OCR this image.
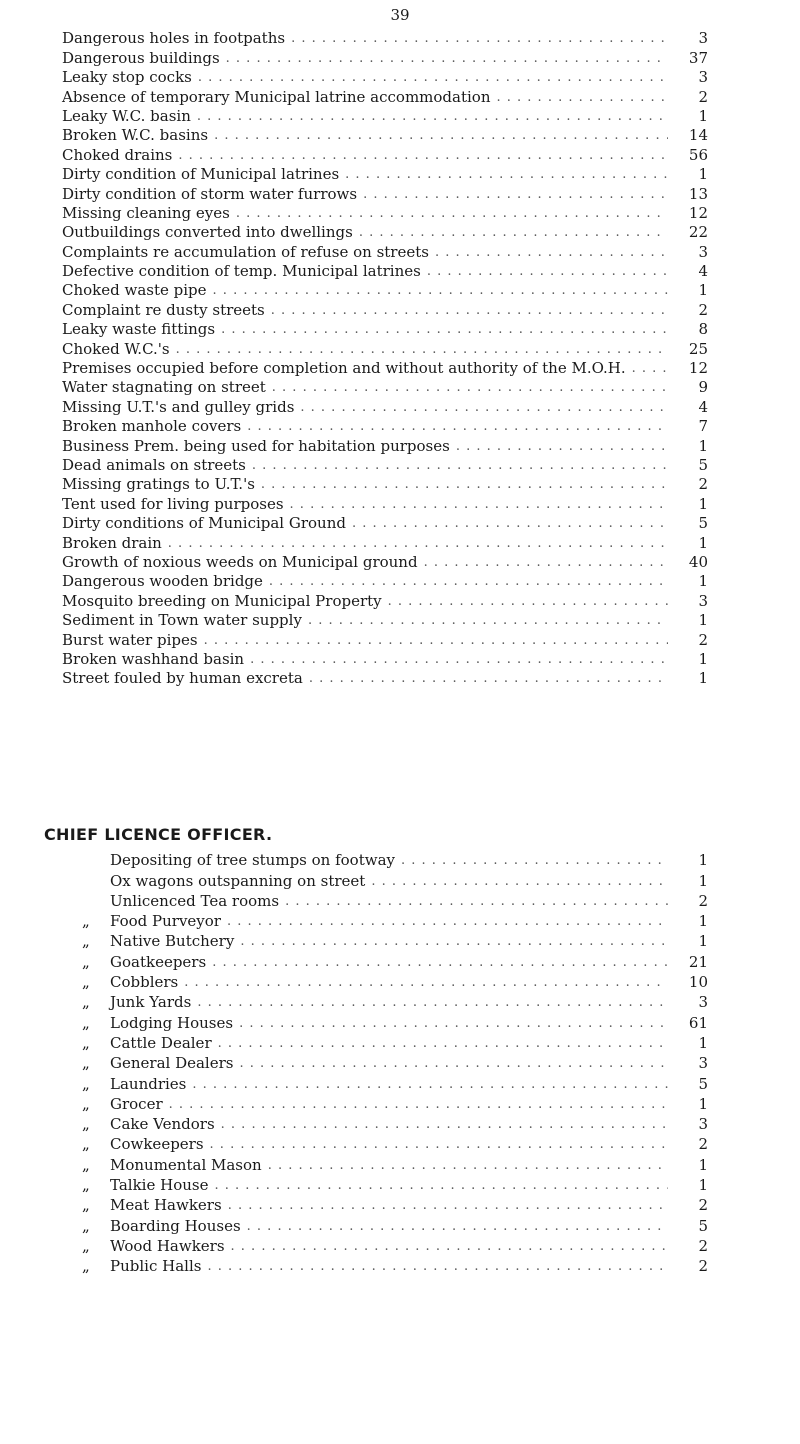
39
Dangerous holes in footpaths . . .	3
Dangerous buildings . . .	37
Leaky stop cocks . . .	3
Absence of temporary Municipal latrine accommodation . . .	2
Leaky W.C. basin . . .	1
Broken W.C. basins . . .	14
Choked drains . . .	56
Dirty condition of Municipal latrines . . .	1
Dirty condition of storm water furrows . . .	13
Missing cleaning eyes . . .	12
Outbuildings converted into dwellings . . .	22
Complaints re accumulation of refuse on streets . . .	3
Defective condition of temp. Municipal latrines . . .	4
Choked waste pipe . . .	1
Complaint re dusty streets . . .	2
Leaky waste fittings . . .	8
Choked W.C.'s . . .	25
Premises occupied before completion and without authority of the M.O.H. . . .	12
Water stagnating on street . . .	9
Missing U.T.'s and gulley grids . . .	4
Broken manhole covers . . .	7
Business Prem. being used for habitation purposes . . .	1
Dead animals on streets . . .	5
Missing gratings to U.T.'s . . .	2
Tent used for living purposes . . .	1
Dirty conditions of Municipal Ground . . .	5
Broken drain . . .	1
Growth of noxious weeds on Municipal ground . . .	40
Dangerous wooden bridge . . .	1
Mosquito breeding on Municipal Property . . .	3
Sediment in Town water supply . . .	1
Burst water pipes . . .	2
Broken washhand basin . . .	1
Street fouled by human excreta . . .	1
CHIEF LICENCE OFFICER.
Depositing of tree stumps on footway . . .	1
Ox wagons outspanning on street . . .	1
Unlicenced Tea rooms . . .	2
„ Food Purveyor . . .	1
„ Native Butchery . . .	1
„ Goatkeepers . . .	21
„ Cobblers . . .	10
„ Junk Yards . . .	3
„ Lodging Houses . . .	61
„ Cattle Dealer . . .	1
„ General Dealers . . .	3
„ Laundries . . .	5
„ Grocer . . .	1
„ Cake Vendors . . .	3
„ Cowkeepers . . .	2
„ Monumental Mason . . .	1
„ Talkie House . . .	1
„ Meat Hawkers . . .	2
„ Boarding Houses . . .	5
„ Wood Hawkers . . .	2
„ Public Halls . . .	2
